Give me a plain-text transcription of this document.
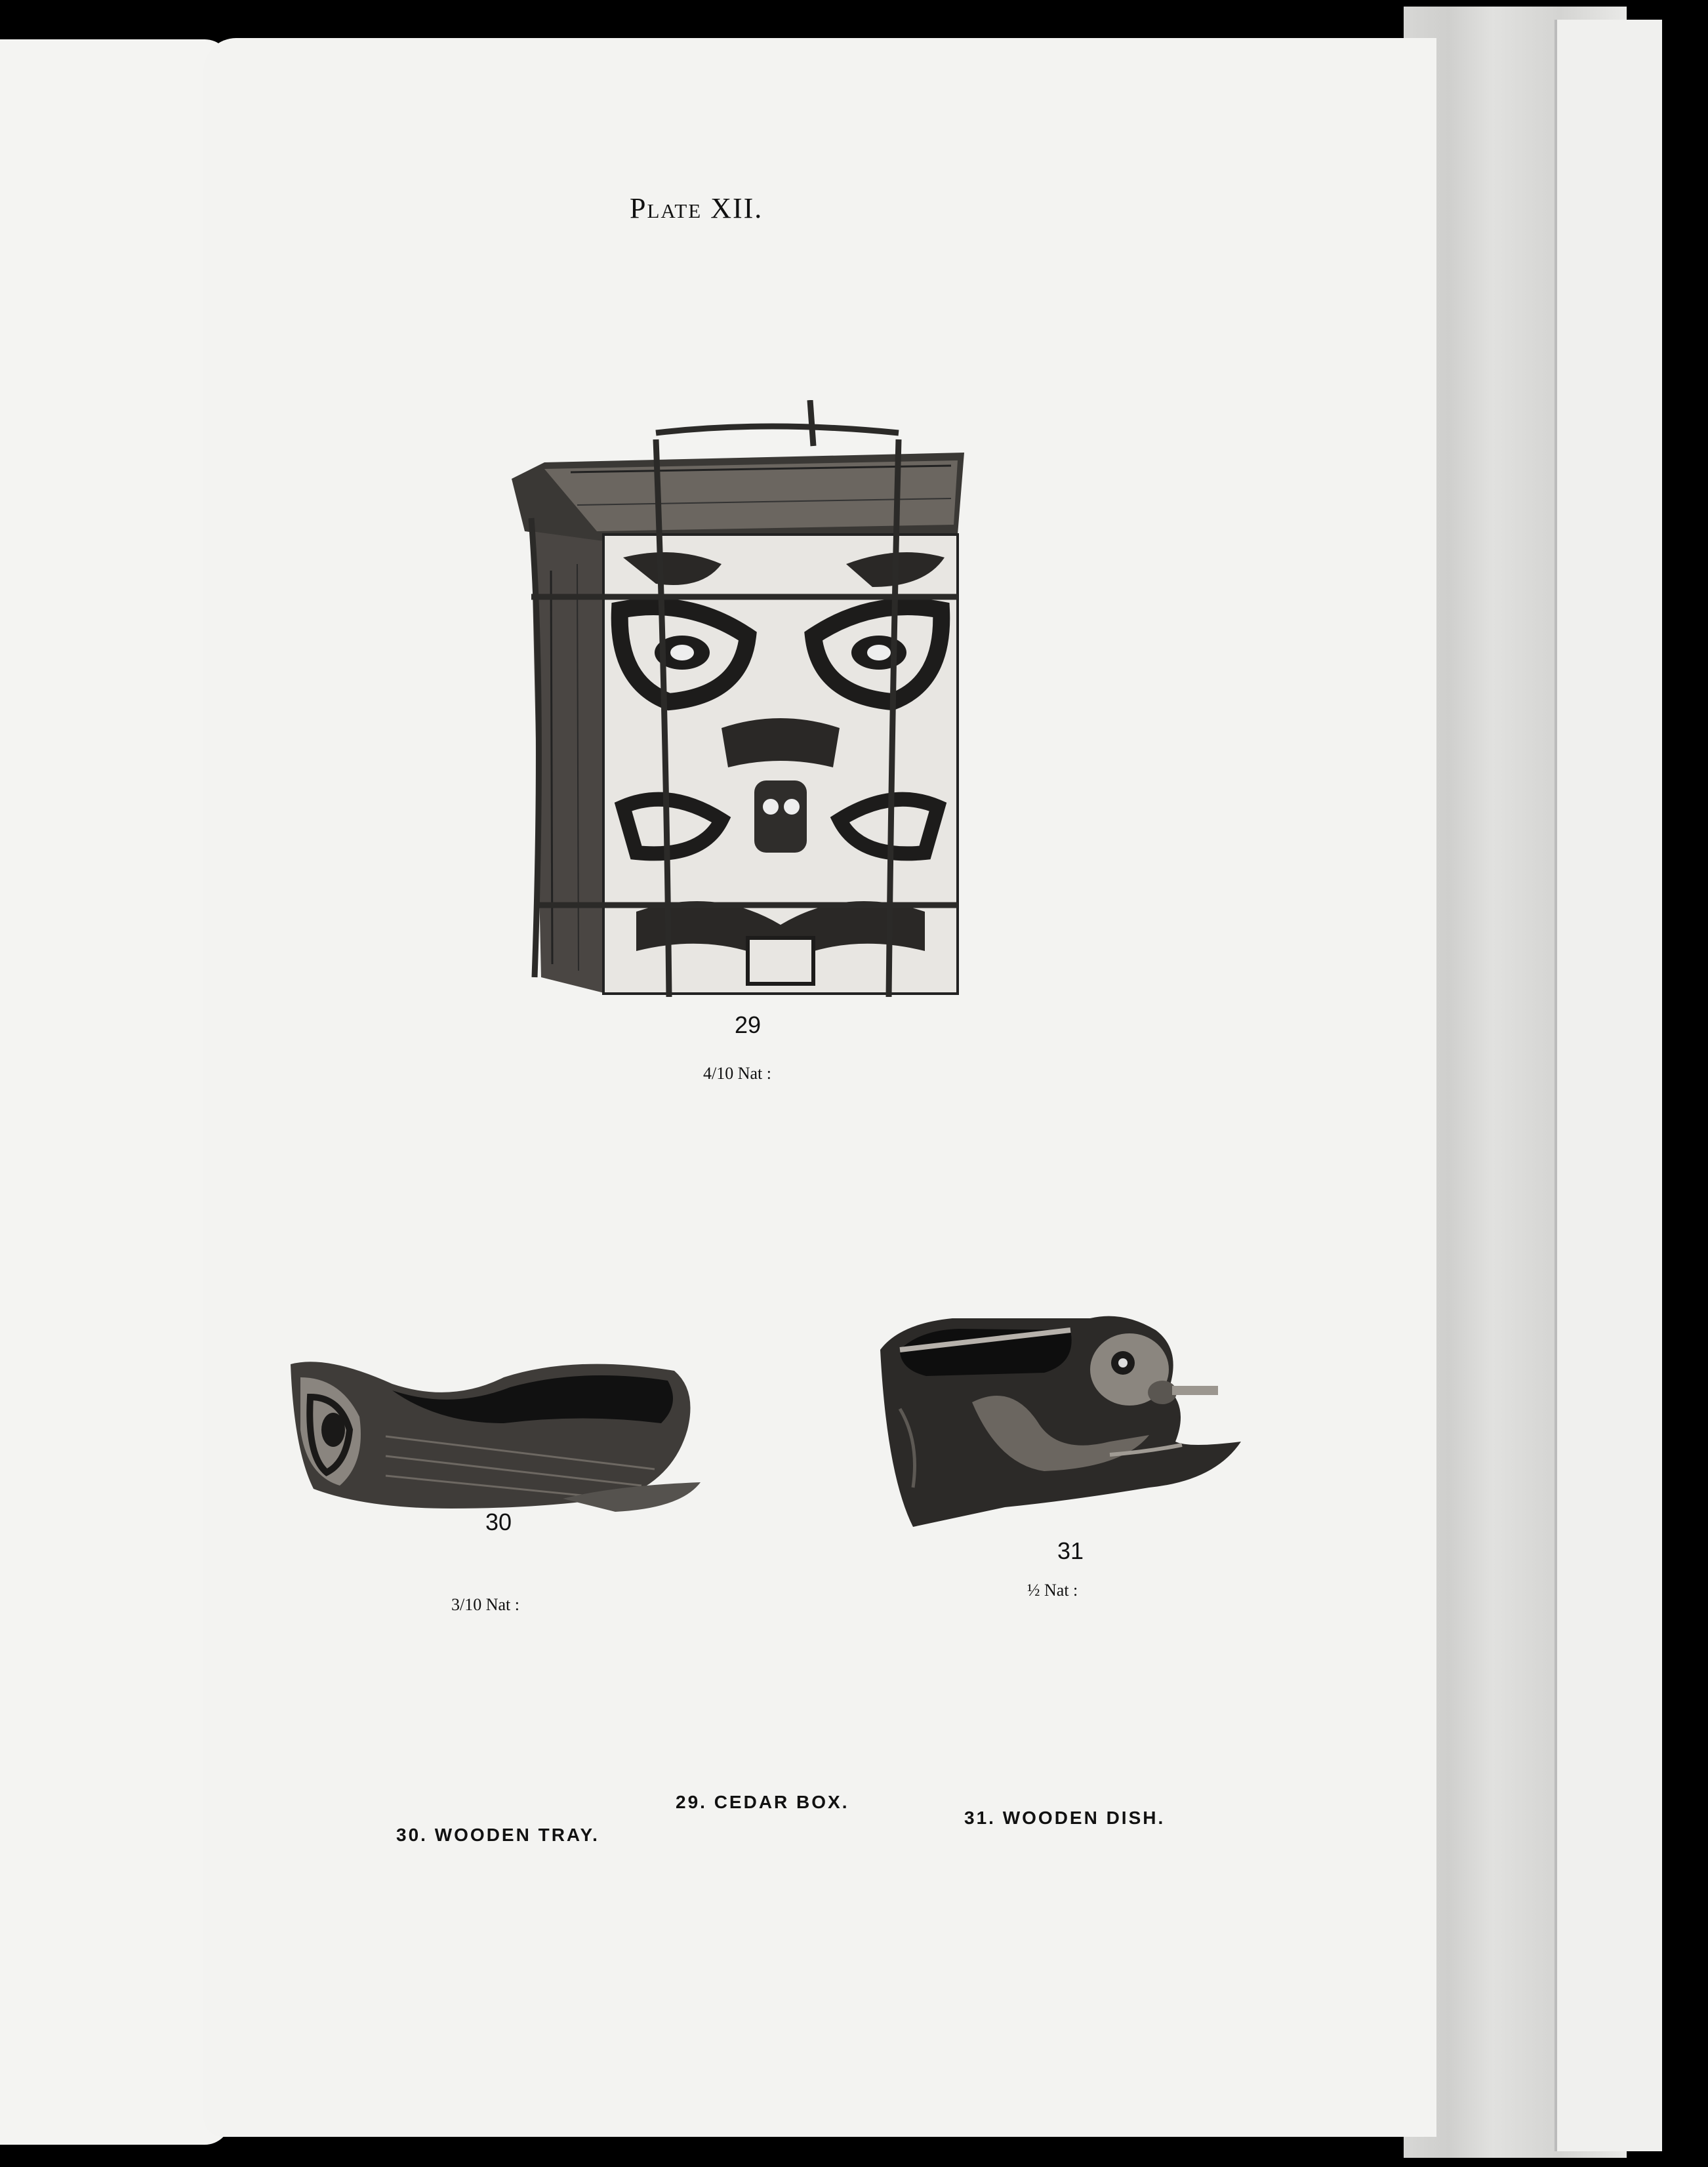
Plate XII.
29
4/10 Nat :
30
3/10 Nat :
31
½ Nat :
29. CEDAR BOX.
30. WOODEN TRAY.
31. WOODEN DISH.
